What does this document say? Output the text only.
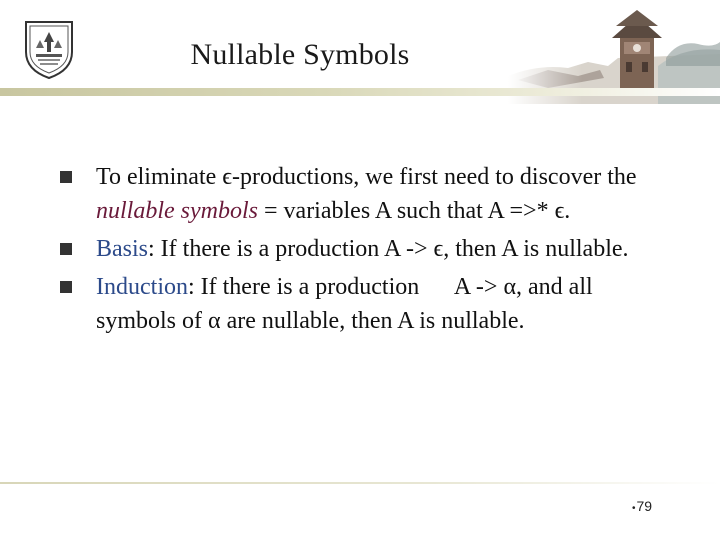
Nullable Symbols
To eliminate ϵ-productions, we first need to discover the nullable symbols = variables A such that A =>* ϵ.
Basis: If there is a production A -> ϵ, then A is nullable.
Induction: If there is a production      A -> α, and all symbols of α are nullable, then A is nullable.
•79
